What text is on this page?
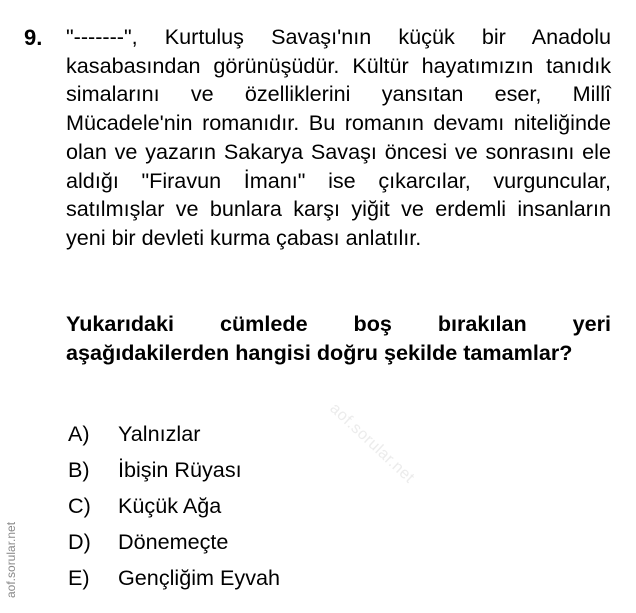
9. "-------", Kurtuluş Savaşı'nın küçük bir Anadolu kasabasından görünüşüdür. Kültür hayatımızın tanıdık simalarını ve özelliklerini yansıtan eser, Millî Mücadele'nin romanıdır. Bu romanın devamı niteliğinde olan ve yazarın Sakarya Savaşı öncesi ve sonrasını ele aldığı "Firavun İmanı" ise çıkarcılar, vurguncular, satılmışlar ve bunlara karşı yiğit ve erdemli insanların yeni bir devleti kurma çabası anlatılır.

Yukarıdaki cümlede boş bırakılan yeri aşağıdakilerden hangisi doğru şekilde tamamlar?

A)	Yalnızlar
B)	İbişin Rüyası
C)	Küçük Ağa
D)	Dönemeçte
E)	Gençliğim Eyvah
aof.sorular.net
aof.sorular.net
